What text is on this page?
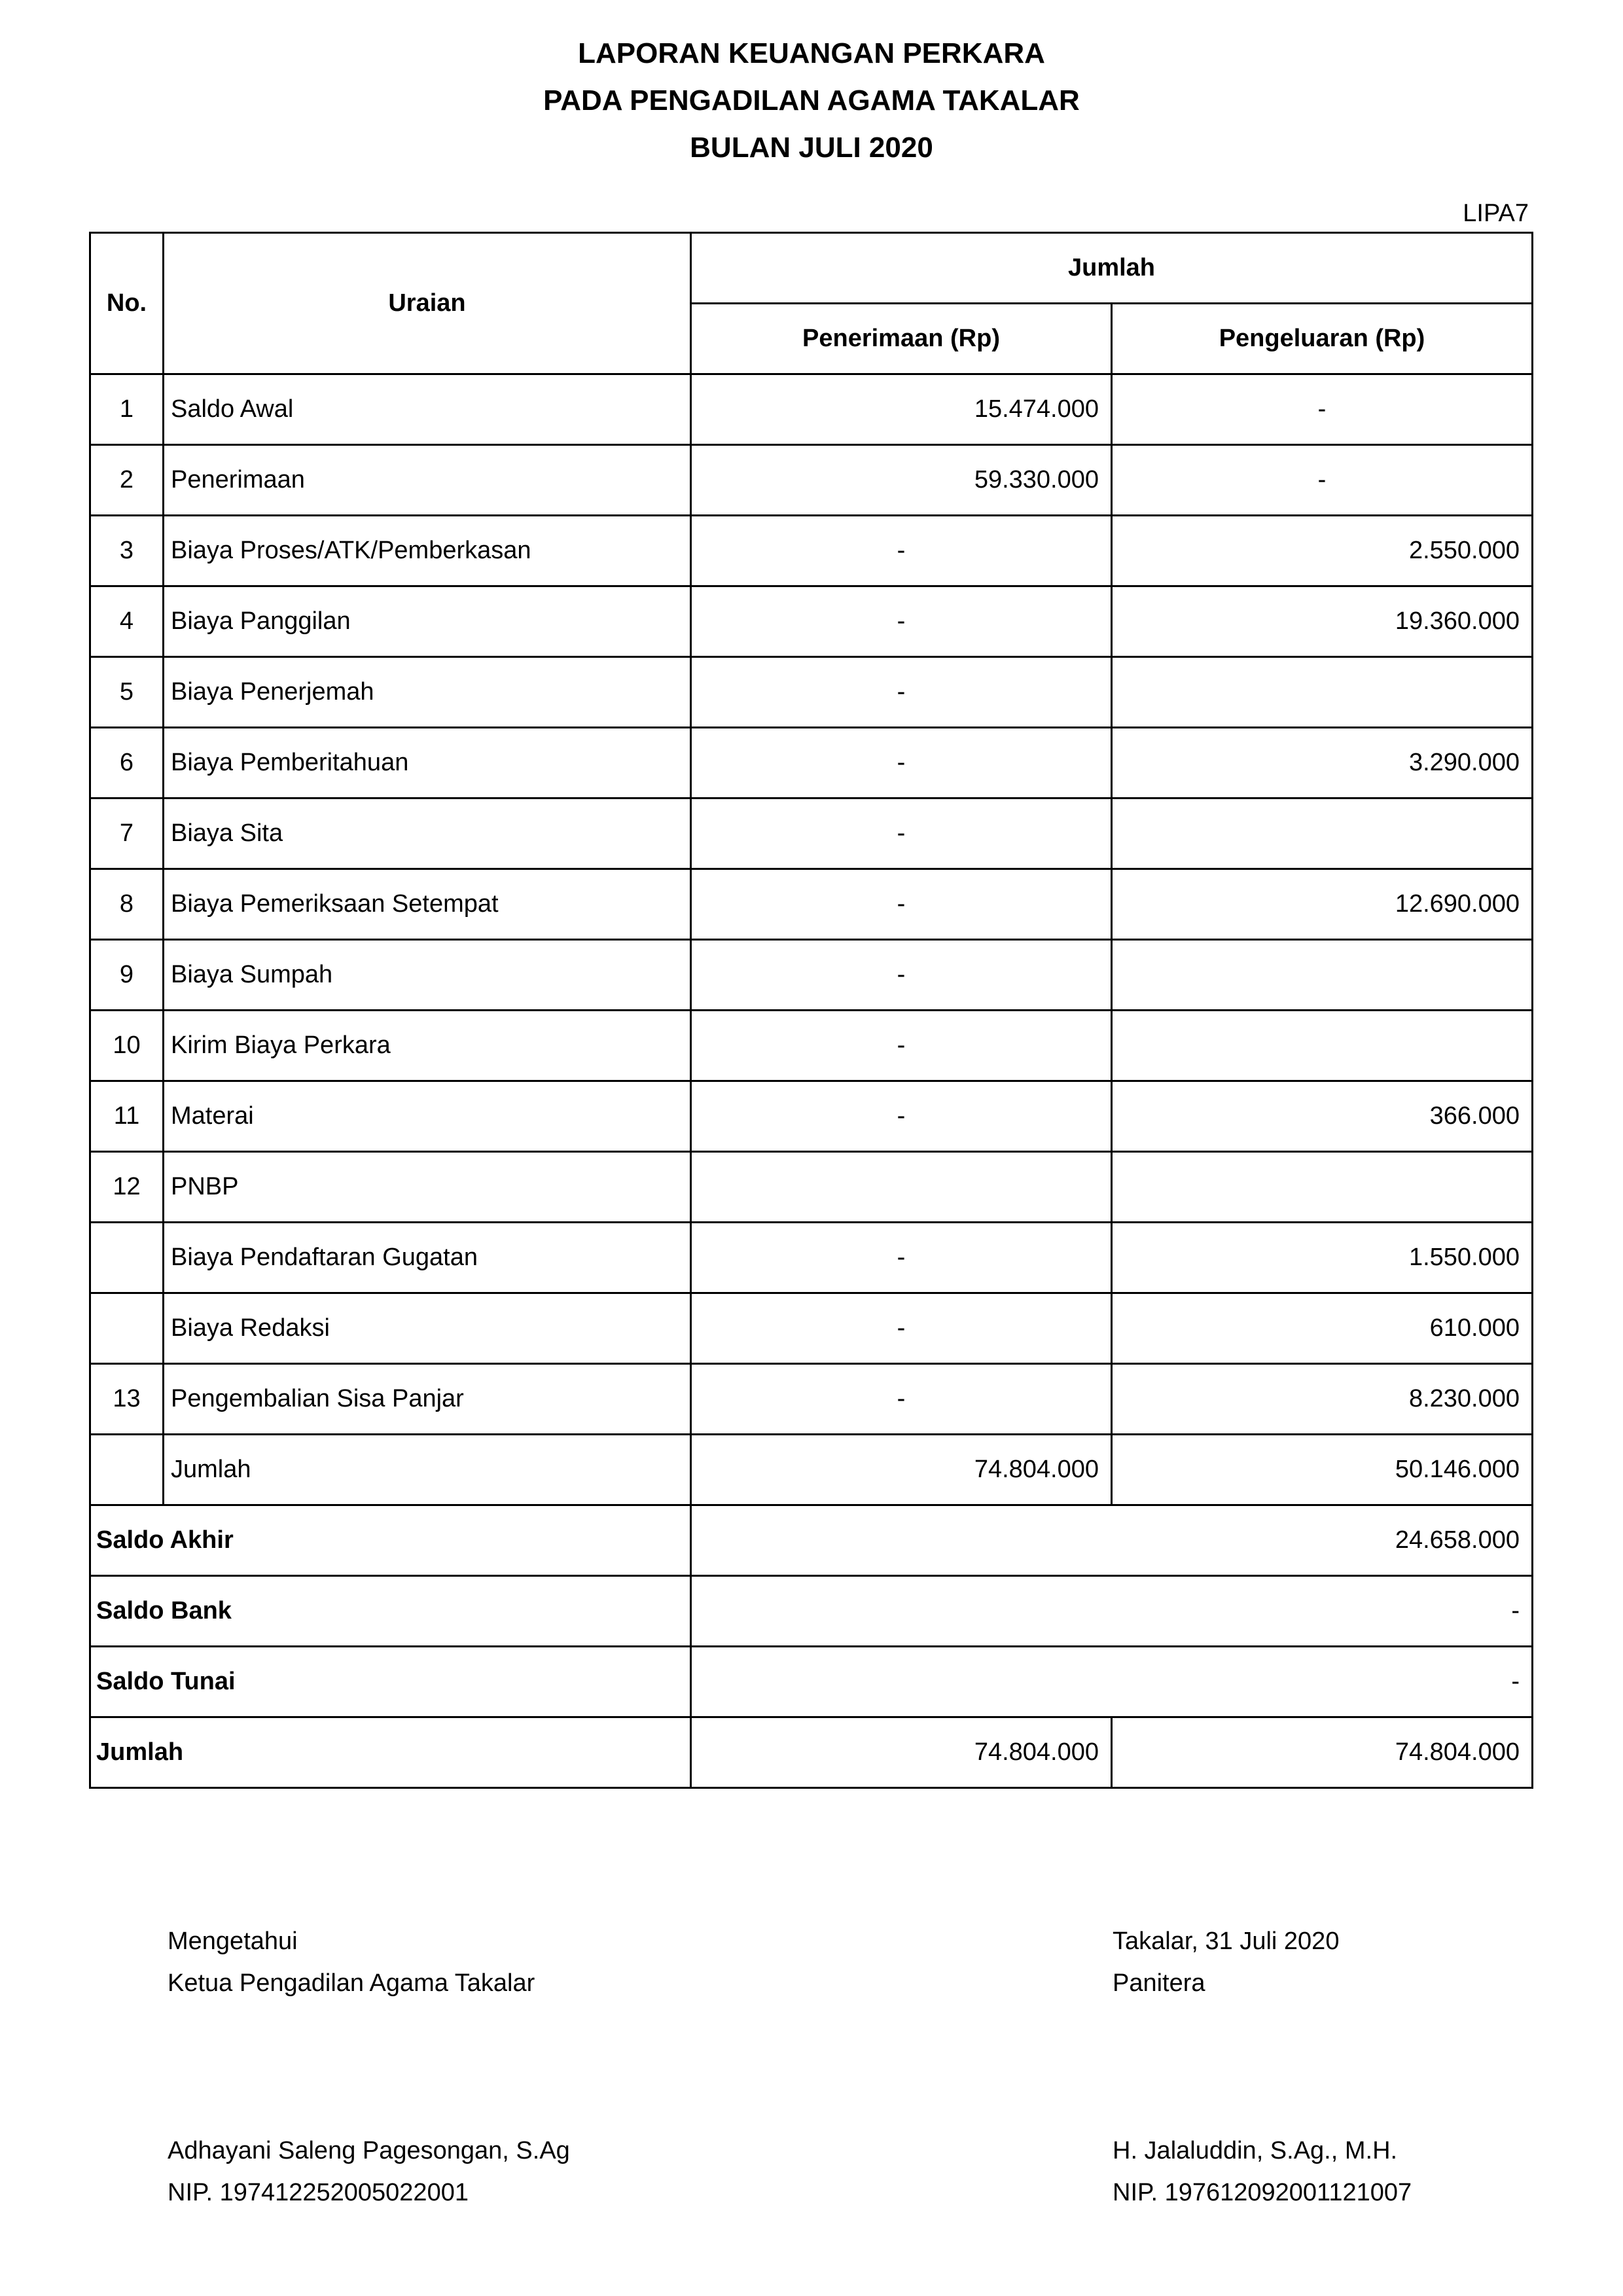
LAPORAN KEUANGAN PERKARA
PADA PENGADILAN AGAMA TAKALAR
BULAN JULI 2020
LIPA7
No.	Uraian	Jumlah	
		Penerimaan (Rp)	Pengeluaran (Rp)
1	Saldo Awal	15.474.000	-
2	Penerimaan	59.330.000	-
3	Biaya Proses/ATK/Pemberkasan	-	2.550.000
4	Biaya Panggilan	-	19.360.000
5	Biaya Penerjemah	-	
6	Biaya Pemberitahuan	-	3.290.000
7	Biaya Sita	-	
8	Biaya Pemeriksaan Setempat	-	12.690.000
9	Biaya Sumpah	-	
10	Kirim Biaya Perkara	-	
11	Materai	-	366.000
12	PNBP		
	Biaya Pendaftaran Gugatan	-	1.550.000
	Biaya Redaksi	-	610.000
13	Pengembalian Sisa Panjar	-	8.230.000
	Jumlah	74.804.000	50.146.000
Saldo Akhir		24.658.000	
Saldo Bank		-	
Saldo Tunai		-	
Jumlah		74.804.000	74.804.000
Mengetahui
Ketua Pengadilan Agama Takalar
Takalar, 31 Juli 2020
Panitera
Adhayani Saleng Pagesongan, S.Ag
NIP. 197412252005022001
H. Jalaluddin, S.Ag., M.H.
NIP. 197612092001121007
